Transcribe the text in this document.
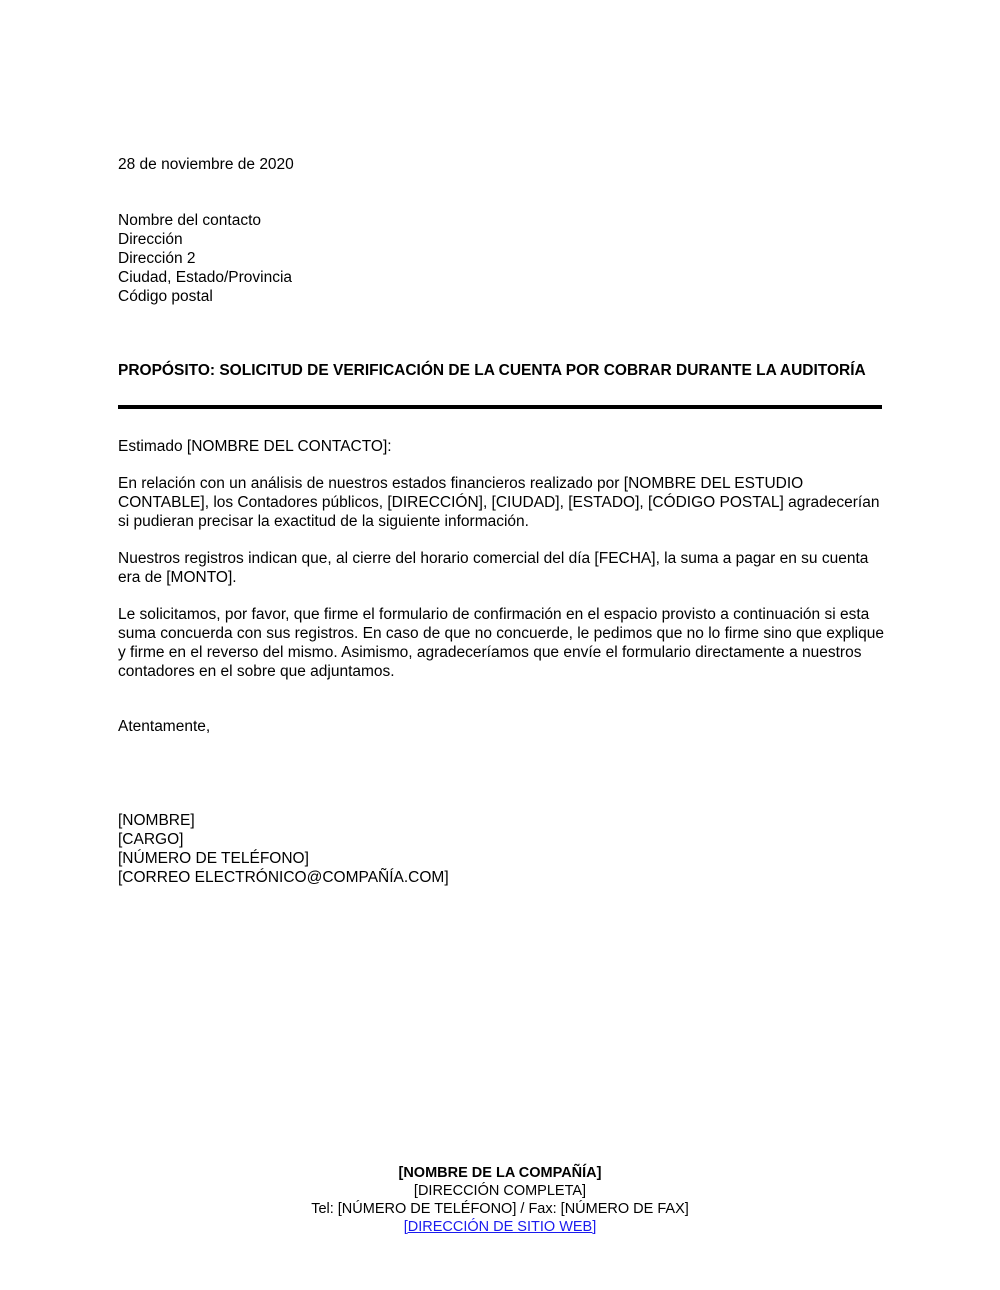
28 de noviembre de 2020
Nombre del contacto
Dirección
Dirección 2
Ciudad, Estado/Provincia
Código postal
PROPÓSITO: SOLICITUD DE VERIFICACIÓN DE LA CUENTA POR COBRAR DURANTE LA AUDITORÍA
Estimado [NOMBRE DEL CONTACTO]:
En relación con un análisis de nuestros estados financieros realizado por [NOMBRE DEL ESTUDIO CONTABLE], los Contadores públicos, [DIRECCIÓN], [CIUDAD], [ESTADO], [CÓDIGO POSTAL] agradecerían si pudieran precisar la exactitud de la siguiente información.
Nuestros registros indican que, al cierre del horario comercial del día [FECHA], la suma a pagar en su cuenta era de [MONTO].
Le solicitamos, por favor, que firme el formulario de confirmación en el espacio provisto a continuación si esta suma concuerda con sus registros. En caso de que no concuerde, le pedimos que no lo firme sino que explique y firme en el reverso del mismo. Asimismo, agradeceríamos que envíe el formulario directamente a nuestros contadores en el sobre que adjuntamos.
Atentamente,
[NOMBRE]
[CARGO]
[NÚMERO DE TELÉFONO]
[CORREO ELECTRÓNICO@COMPAÑÍA.COM]
[NOMBRE DE LA COMPAÑÍA]
[DIRECCIÓN COMPLETA]
Tel: [NÚMERO DE TELÉFONO] / Fax: [NÚMERO DE FAX]
[DIRECCIÓN DE SITIO WEB]
